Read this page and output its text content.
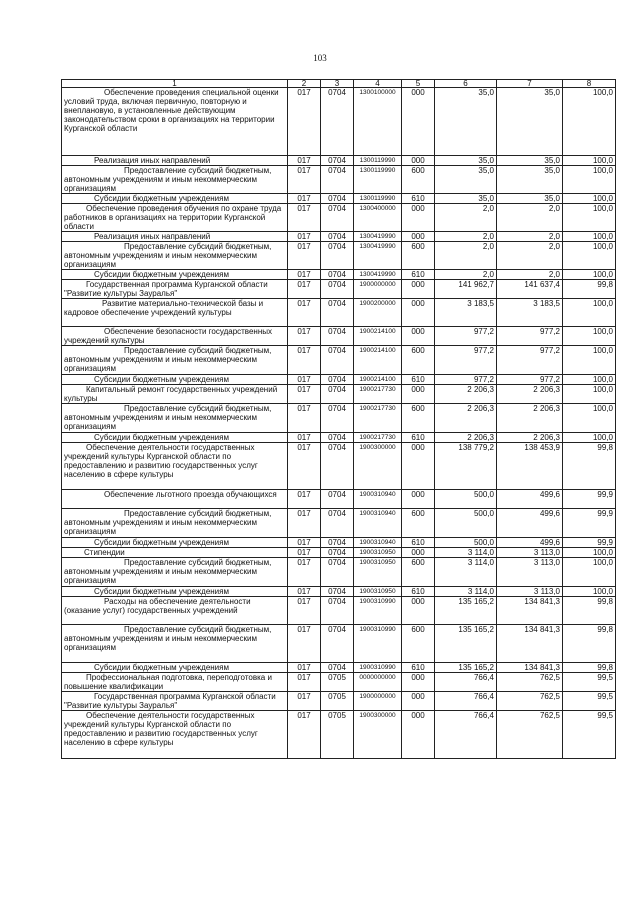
103
1	2	3	4	5	6	7	8
Обеспечение проведения специальной оценки условий труда, включая первичную, повторную и внеплановую, в установленные действующим законодательством сроки в организациях на территории Курганской области	017	0704	1300100000	000	35,0	35,0	100,0
Реализация иных направлений	017	0704	1300119990	000	35,0	35,0	100,0
Предоставление субсидий бюджетным, автономным учреждениям и иным некоммерческим организациям	017	0704	1300119990	600	35,0	35,0	100,0
Субсидии бюджетным учреждениям	017	0704	1300119990	610	35,0	35,0	100,0
Обеспечение проведения обучения по охране труда работников в организациях на территории Курганской области	017	0704	1300400000	000	2,0	2,0	100,0
Реализация иных направлений	017	0704	1300419990	000	2,0	2,0	100,0
Предоставление субсидий бюджетным, автономным учреждениям и иным некоммерческим организациям	017	0704	1300419990	600	2,0	2,0	100,0
Субсидии бюджетным учреждениям	017	0704	1300419990	610	2,0	2,0	100,0
Государственная программа Курганской области "Развитие культуры Зауралья"	017	0704	1900000000	000	141 962,7	141 637,4	99,8
Развитие материально-технической базы и кадровое обеспечение учреждений культуры	017	0704	1900200000	000	3 183,5	3 183,5	100,0
Обеспечение безопасности государственных учреждений культуры	017	0704	1900214100	000	977,2	977,2	100,0
Предоставление субсидий бюджетным, автономным учреждениям и иным некоммерческим организациям	017	0704	1900214100	600	977,2	977,2	100,0
Субсидии бюджетным учреждениям	017	0704	1900214100	610	977,2	977,2	100,0
Капитальный ремонт государственных учреждений культуры	017	0704	1900217730	000	2 206,3	2 206,3	100,0
Предоставление субсидий бюджетным, автономным учреждениям и иным некоммерческим организациям	017	0704	1900217730	600	2 206,3	2 206,3	100,0
Субсидии бюджетным учреждениям	017	0704	1900217730	610	2 206,3	2 206,3	100,0
Обеспечение деятельности государственных учреждений культуры Курганской области по предоставлению и развитию государственных услуг населению в сфере культуры	017	0704	1900300000	000	138 779,2	138 453,9	99,8
Обеспечение льготного проезда обучающихся	017	0704	1900310940	000	500,0	499,6	99,9
Предоставление субсидий бюджетным, автономным учреждениям и иным некоммерческим организациям	017	0704	1900310940	600	500,0	499,6	99,9
Субсидии бюджетным учреждениям	017	0704	1900310940	610	500,0	499,6	99,9
Стипендии	017	0704	1900310950	000	3 114,0	3 113,0	100,0
Предоставление субсидий бюджетным, автономным учреждениям и иным некоммерческим организациям	017	0704	1900310950	600	3 114,0	3 113,0	100,0
Субсидии бюджетным учреждениям	017	0704	1900310950	610	3 114,0	3 113,0	100,0
Расходы на обеспечение деятельности (оказание услуг) государственных учреждений	017	0704	1900310990	000	135 165,2	134 841,3	99,8
Предоставление субсидий бюджетным, автономным учреждениям и иным некоммерческим организациям	017	0704	1900310990	600	135 165,2	134 841,3	99,8
Субсидии бюджетным учреждениям	017	0704	1900310990	610	135 165,2	134 841,3	99,8
Профессиональная подготовка, переподготовка и повышение квалификации	017	0705	0000000000	000	766,4	762,5	99,5
Государственная программа Курганской области "Развитие культуры Зауралья"	017	0705	1900000000	000	766,4	762,5	99,5
Обеспечение деятельности государственных учреждений культуры Курганской области по предоставлению и развитию государственных услуг населению в сфере культуры	017	0705	1900300000	000	766,4	762,5	99,5
